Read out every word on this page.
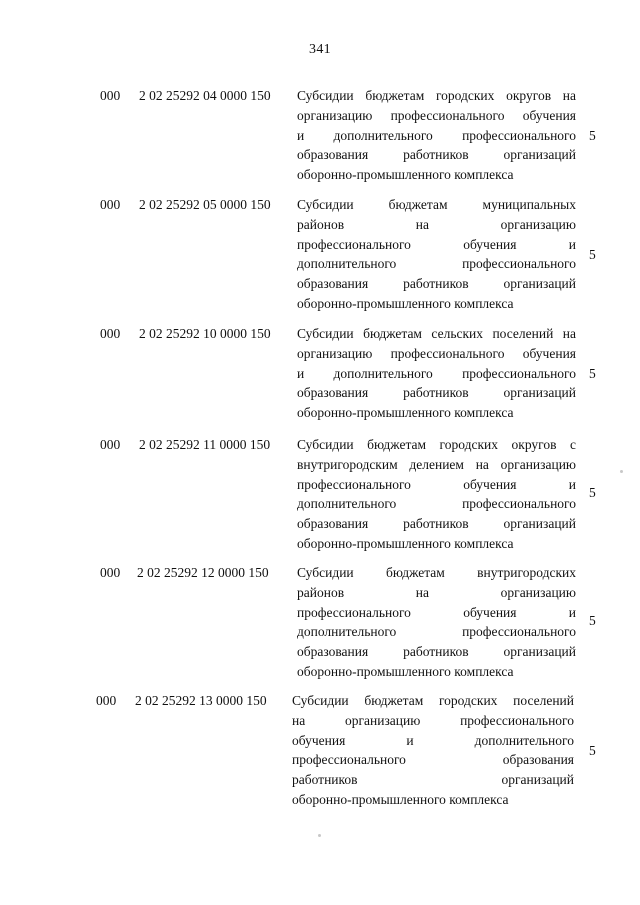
341
000	2 02 25292 04 0000 150	Субсидии бюджетам городских округов на
организацию профессионального обучения
и дополнительного профессионального
образования работников организаций
оборонно-промышленного комплекса
5
000	2 02 25292 05 0000 150	Субсидии бюджетам муниципальных
районов на организацию
профессионального обучения и
дополнительного профессионального
образования работников организаций
оборонно-промышленного комплекса
5
000	2 02 25292 10 0000 150	Субсидии бюджетам сельских поселений на
организацию профессионального обучения
и дополнительного профессионального
образования работников организаций
оборонно-промышленного комплекса
5
000	2 02 25292 11 0000 150	Субсидии бюджетам городских округов с
внутригородским делением на организацию
профессионального обучения и
дополнительного профессионального
образования работников организаций
оборонно-промышленного комплекса
5
000	2 02 25292 12 0000 150	Субсидии бюджетам внутригородских
районов на организацию
профессионального обучения и
дополнительного профессионального
образования работников организаций
оборонно-промышленного комплекса
5
000	2 02 25292 13 0000 150	Субсидии бюджетам городских поселений
на организацию профессионального
обучения и дополнительного
профессионального образования
работников организаций
оборонно-промышленного комплекса
5
